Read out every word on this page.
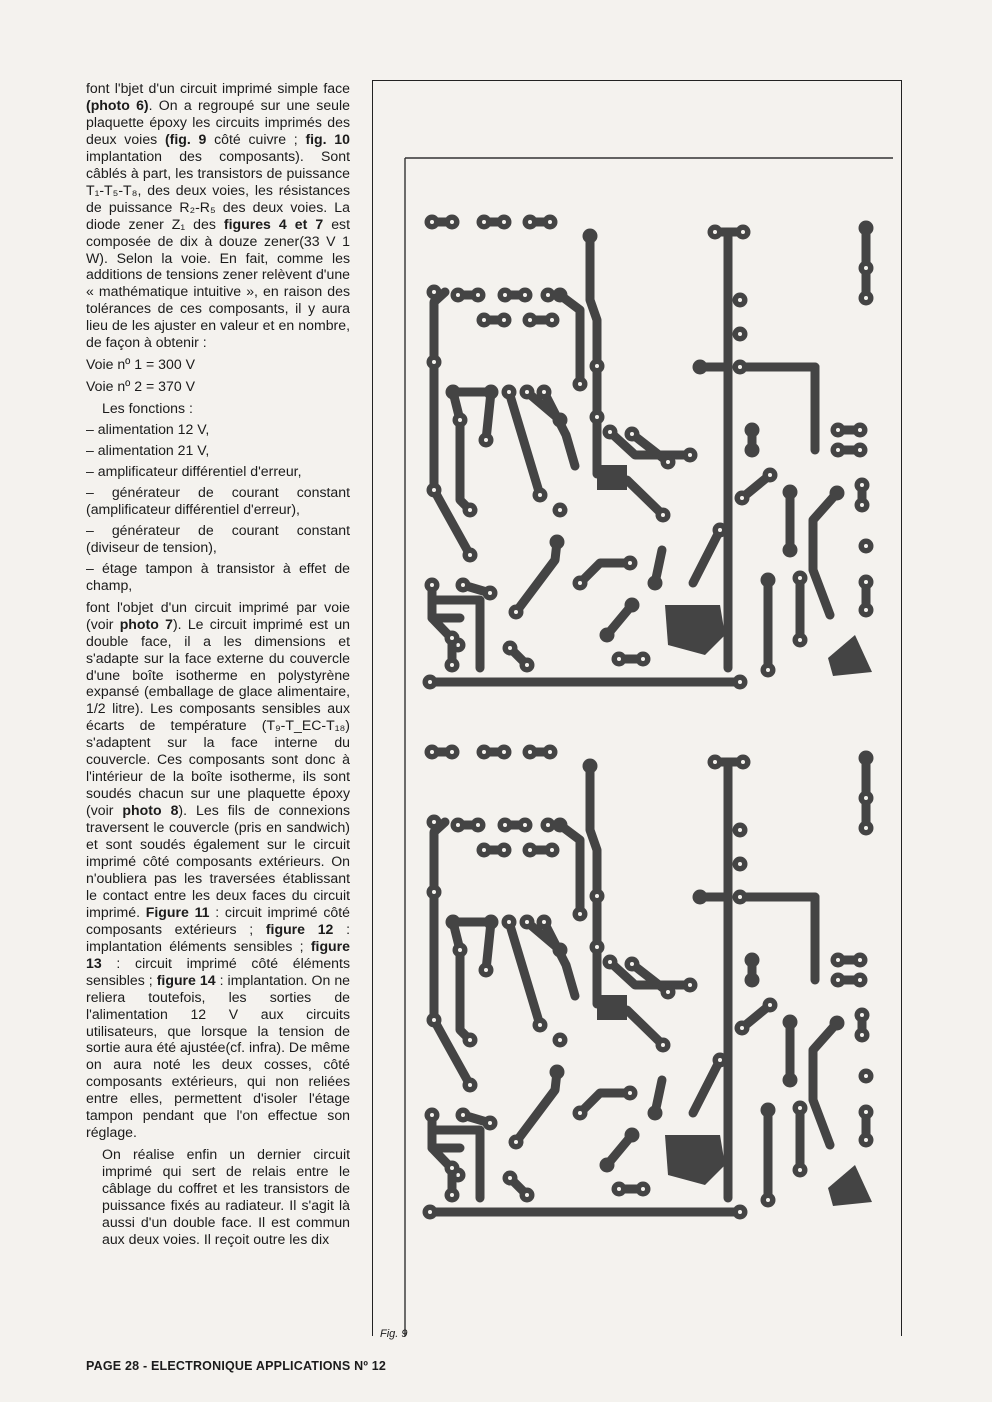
font l'bjet d'un circuit imprimé simple face (photo 6). On a regroupé sur une seule plaquette époxy les circuits imprimés des deux voies (fig. 9 côté cuivre ; fig. 10 implantation des composants). Sont câblés à part, les transistors de puissance T₁-T₅-T₈, des deux voies, les résistances de puissance R₂-R₅ des deux voies. La diode zener Z₁ des figures 4 et 7 est composée de dix à douze zener(33 V 1 W). Selon la voie. En fait, comme les additions de tensions zener relèvent d'une « mathématique intuitive », en raison des tolérances de ces composants, il y aura lieu de les ajuster en valeur et en nombre, de façon à obtenir :

Voie nº 1 = 300 V

Voie nº 2 = 370 V

Les fonctions :

– alimentation 12 V,

– alimentation 21 V,

– amplificateur différentiel d'erreur,

– générateur de courant constant (amplificateur différentiel d'erreur),

– générateur de courant constant (diviseur de tension),

– étage tampon à transistor à effet de champ,

font l'objet d'un circuit imprimé par voie (voir photo 7). Le circuit imprimé est un double face, il a les dimensions et s'adapte sur la face externe du couvercle d'une boîte isotherme en polystyrène expansé (emballage de glace alimentaire, 1/2 litre). Les composants sensibles aux écarts de température (T₉-T_EC-T₁₈) s'adaptent sur la face interne du couvercle. Ces composants sont donc à l'intérieur de la boîte isotherme, ils sont soudés chacun sur une plaquette époxy (voir photo 8). Les fils de connexions traversent le couvercle (pris en sandwich) et sont soudés également sur le circuit imprimé côté composants extérieurs. On n'oubliera pas les traversées établissant le contact entre les deux faces du circuit imprimé. Figure 11 : circuit imprimé côté composants extérieurs ; figure 12 : implantation éléments sensibles ; figure 13 : circuit imprimé côté éléments sensibles ; figure 14 : implantation. On ne reliera toutefois, les sorties de l'alimentation 12 V aux circuits utilisateurs, que lorsque la tension de sortie aura été ajustée(cf. infra). De même on aura noté les deux cosses, côté composants extérieurs, qui non reliées entre elles, permettent d'isoler l'étage tampon pendant que l'on effectue son réglage.

On réalise enfin un dernier circuit imprimé qui sert de relais entre le câblage du coffret et les transistors de puissance fixés au radiateur. Il s'agit là aussi d'un double face. Il est commun aux deux voies. Il reçoit outre les dix

Fig. 9
PAGE 28 - ELECTRONIQUE APPLICATIONS Nº 12
